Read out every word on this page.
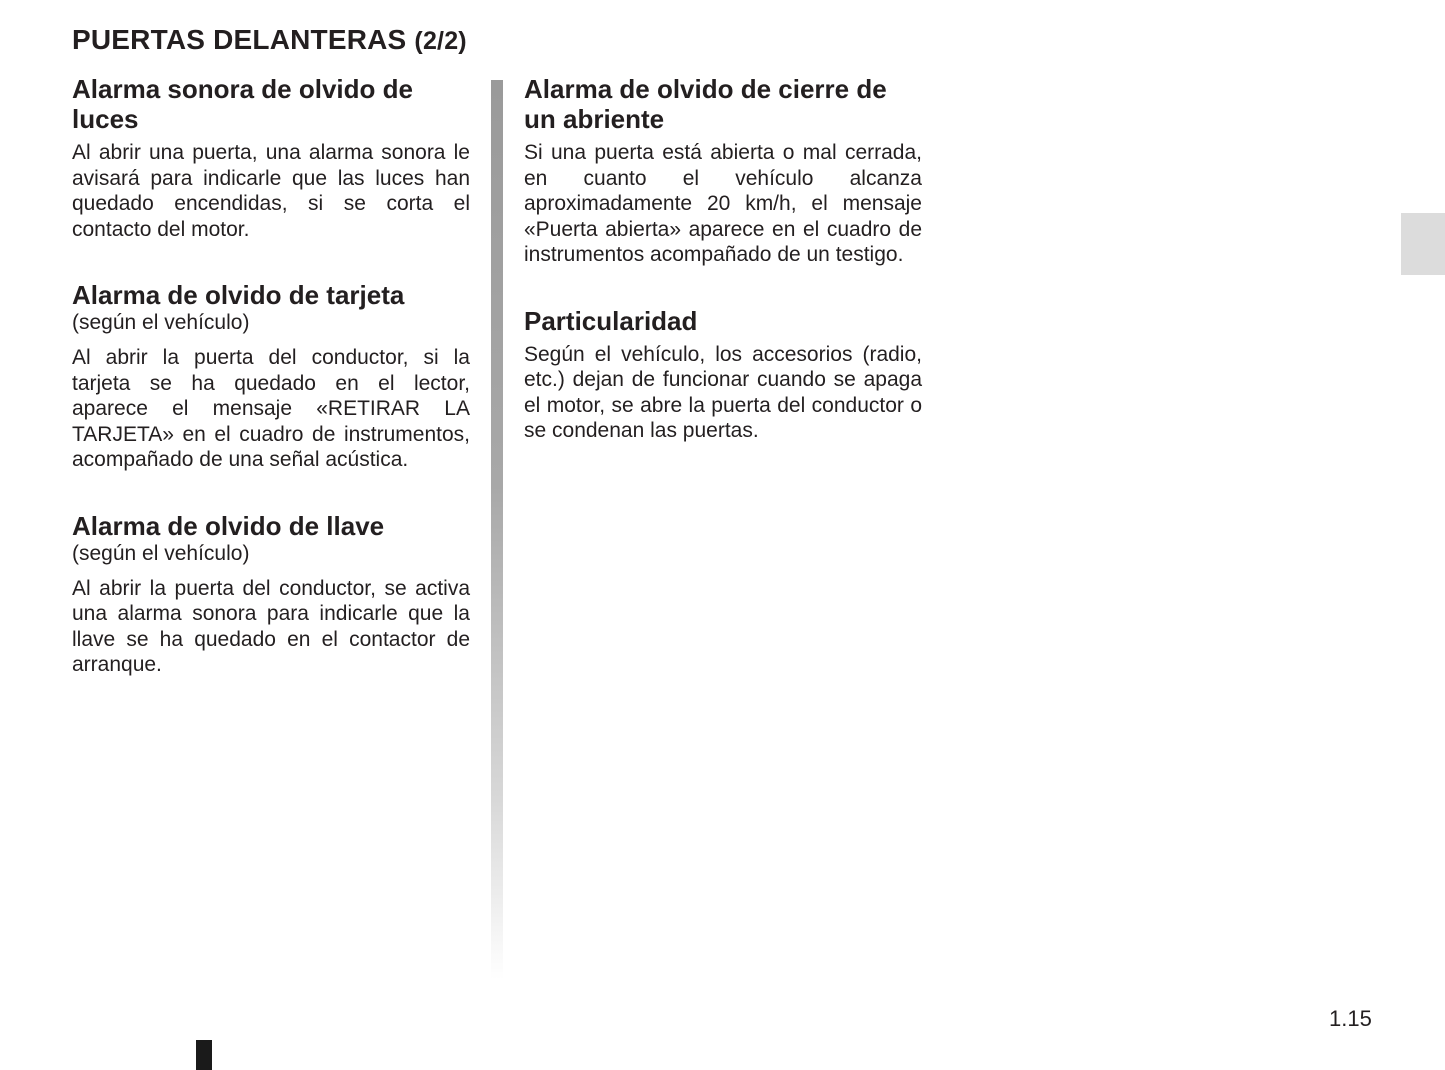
PUERTAS DELANTERAS (2/2)
Alarma sonora de olvido de luces

Al abrir una puerta, una alarma sonora le avisará para indicarle que las luces han quedado encendidas, si se corta el contacto del motor.

Alarma de olvido de tarjeta
(según el vehículo)

Al abrir la puerta del conductor, si la tarjeta se ha quedado en el lector, aparece el mensaje «RETIRAR LA TARJETA» en el cuadro de instrumentos, acompañado de una señal acústica.

Alarma de olvido de llave
(según el vehículo)

Al abrir la puerta del conductor, se activa una alarma sonora para indicarle que la llave se ha quedado en el contactor de arranque.

Alarma de olvido de cierre de un abriente

Si una puerta está abierta o mal cerrada, en cuanto el vehículo alcanza aproximadamente 20 km/h, el mensaje «Puerta abierta» aparece en el cuadro de instrumentos acompañado de un testigo.

Particularidad

Según el vehículo, los accesorios (radio, etc.) dejan de funcionar cuando se apaga el motor, se abre la puerta del conductor o se condenan las puertas.

1.15
